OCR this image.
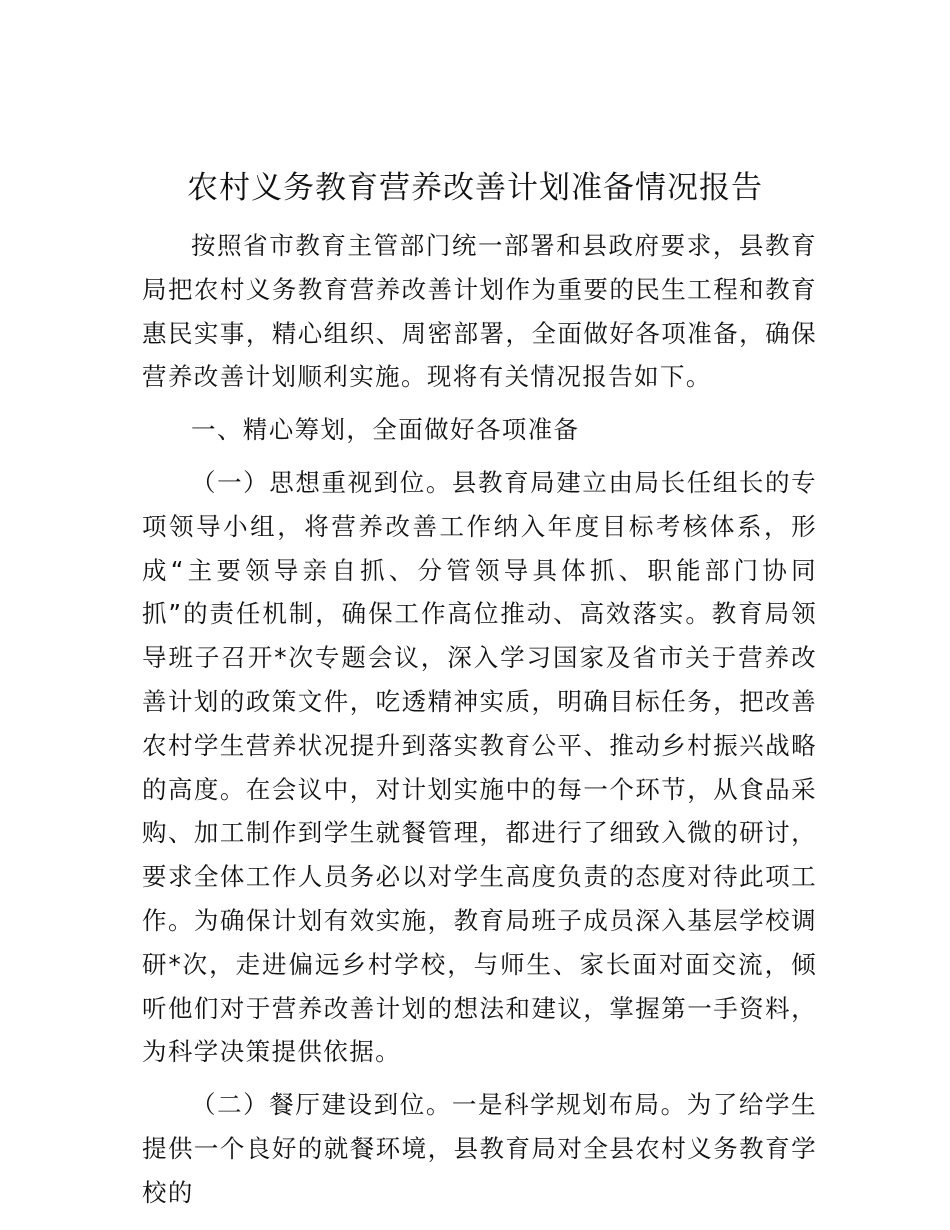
农村义务教育营养改善计划准备情况报告

按照省市教育主管部门统一部署和县政府要求，县教育局把农村义务教育营养改善计划作为重要的民生工程和教育惠民实事，精心组织、周密部署，全面做好各项准备，确保营养改善计划顺利实施。现将有关情况报告如下。

一、精心筹划，全面做好各项准备

（一）思想重视到位。县教育局建立由局长任组长的专项领导小组，将营养改善工作纳入年度目标考核体系，形成“主要领导亲自抓、分管领导具体抓、职能部门协同抓”的责任机制，确保工作高位推动、高效落实。教育局领导班子召开*次专题会议，深入学习国家及省市关于营养改善计划的政策文件，吃透精神实质，明确目标任务，把改善农村学生营养状况提升到落实教育公平、推动乡村振兴战略的高度。在会议中，对计划实施中的每一个环节，从食品采购、加工制作到学生就餐管理，都进行了细致入微的研讨，要求全体工作人员务必以对学生高度负责的态度对待此项工作。为确保计划有效实施，教育局班子成员深入基层学校调研*次，走进偏远乡村学校，与师生、家长面对面交流，倾听他们对于营养改善计划的想法和建议，掌握第一手资料，为科学决策提供依据。

（二）餐厅建设到位。一是科学规划布局。为了给学生提供一个良好的就餐环境，县教育局对全县农村义务教育学校的
